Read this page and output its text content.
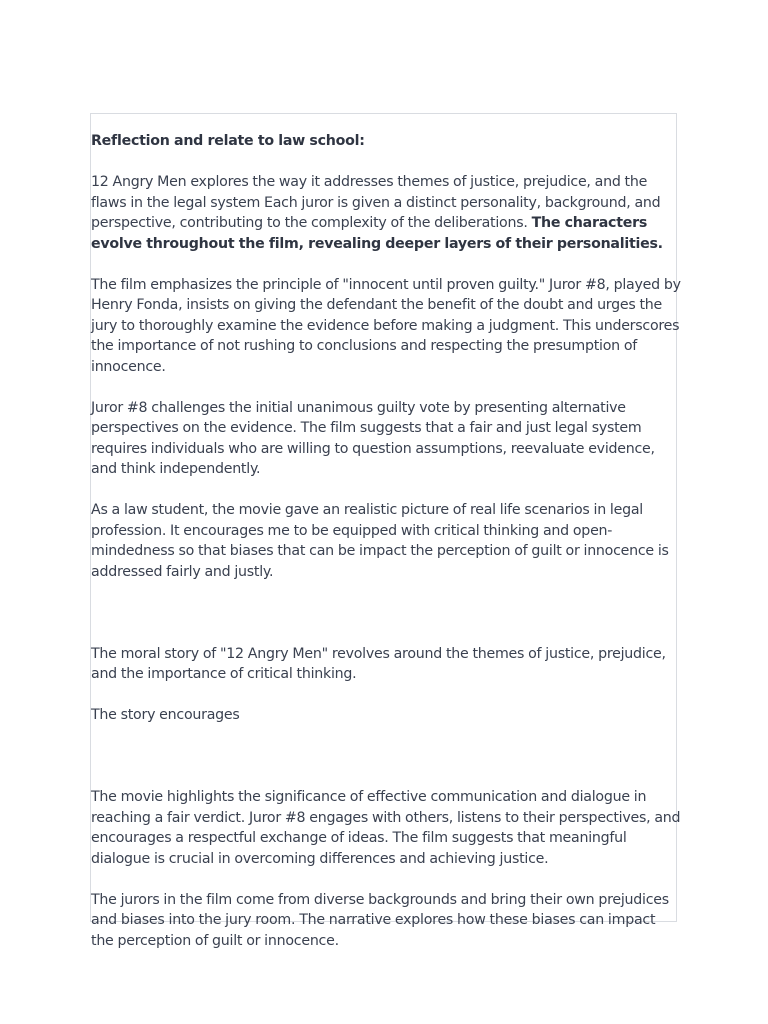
Reflection and relate to law school:

12 Angry Men explores the way it addresses themes of justice, prejudice, and the flaws in the legal system Each juror is given a distinct personality, background, and perspective, contributing to the complexity of the deliberations. The characters evolve throughout the film, revealing deeper layers of their personalities.

The film emphasizes the principle of "innocent until proven guilty." Juror #8, played by Henry Fonda, insists on giving the defendant the benefit of the doubt and urges the jury to thoroughly examine the evidence before making a judgment. This underscores the importance of not rushing to conclusions and respecting the presumption of innocence.

Juror #8 challenges the initial unanimous guilty vote by presenting alternative perspectives on the evidence. The film suggests that a fair and just legal system requires individuals who are willing to question assumptions, reevaluate evidence, and think independently.

As a law student, the movie gave an realistic picture of real life scenarios in legal profession. It encourages me to be equipped with critical thinking and open-mindedness so that biases that can be impact the perception of guilt or innocence is addressed fairly and justly.

The moral story of "12 Angry Men" revolves around the themes of justice, prejudice, and the importance of critical thinking.

The story encourages

The movie highlights the significance of effective communication and dialogue in reaching a fair verdict. Juror #8 engages with others, listens to their perspectives, and encourages a respectful exchange of ideas. The film suggests that meaningful dialogue is crucial in overcoming differences and achieving justice.

The jurors in the film come from diverse backgrounds and bring their own prejudices and biases into the jury room. The narrative explores how these biases can impact the perception of guilt or innocence.
